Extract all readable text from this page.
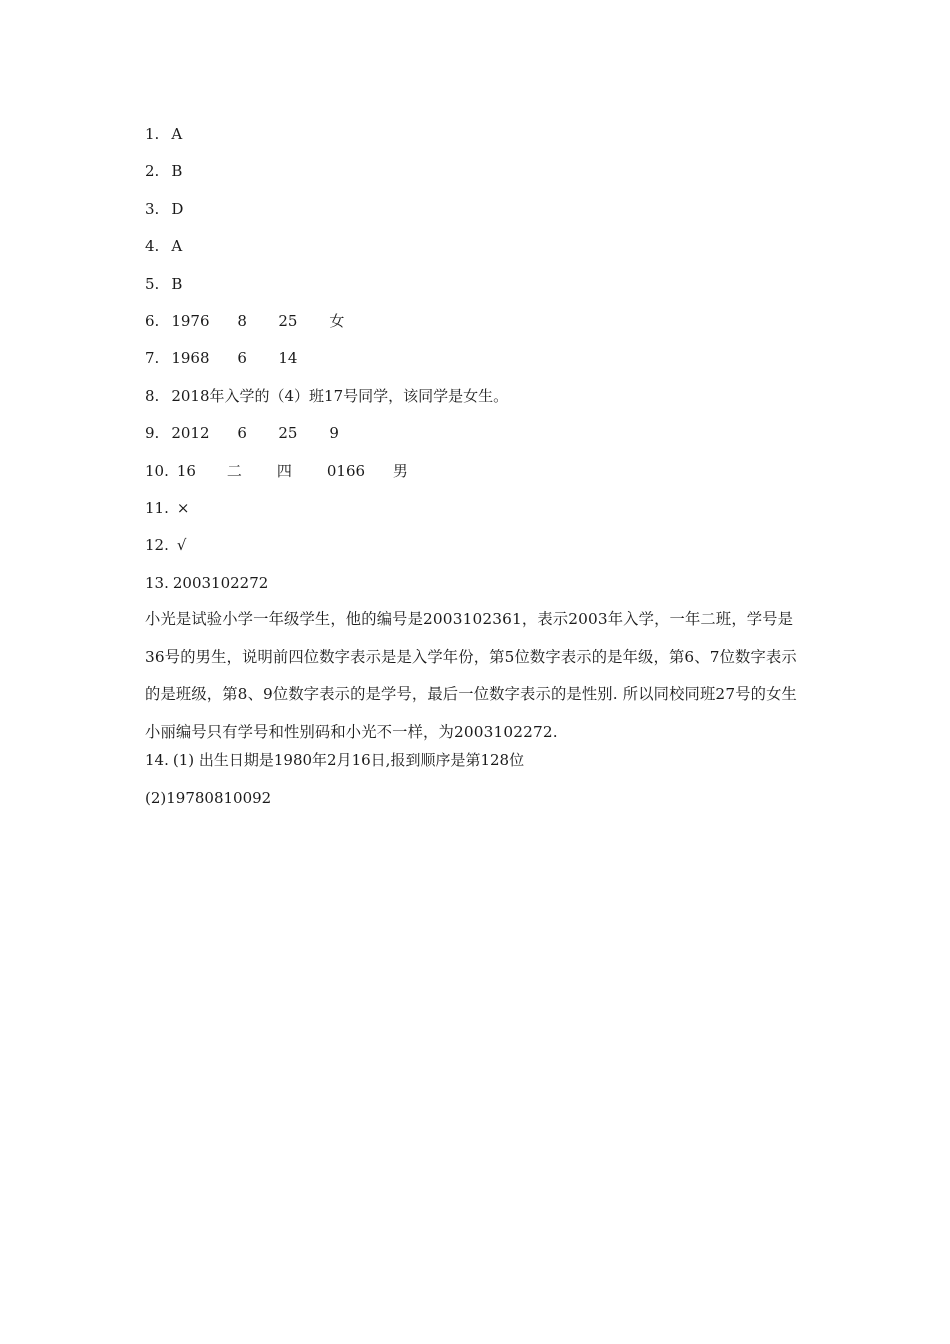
1. A
2. B
3. D
4. A
5. B
6. 1976	8	25	女
7. 1968	6	14
8. 2018年入学的（4）班17号同学，该同学是女生。
9. 2012	6	25	9
10. 16	二	四	0166	男
11. ×
12. √
13. 2003102272
小光是试验小学一年级学生，他的编号是2003102361，表示2003年入学，一年二班，学号是36号的男生，说明前四位数字表示是是入学年份，第5位数字表示的是年级，第6、7位数字表示的是班级，第8、9位数字表示的是学号，最后一位数字表示的是性别. 所以同校同班27号的女生小丽编号只有学号和性别码和小光不一样，为2003102272.
14. (1) 出生日期是1980年2月16日,报到顺序是第128位
(2)19780810092
